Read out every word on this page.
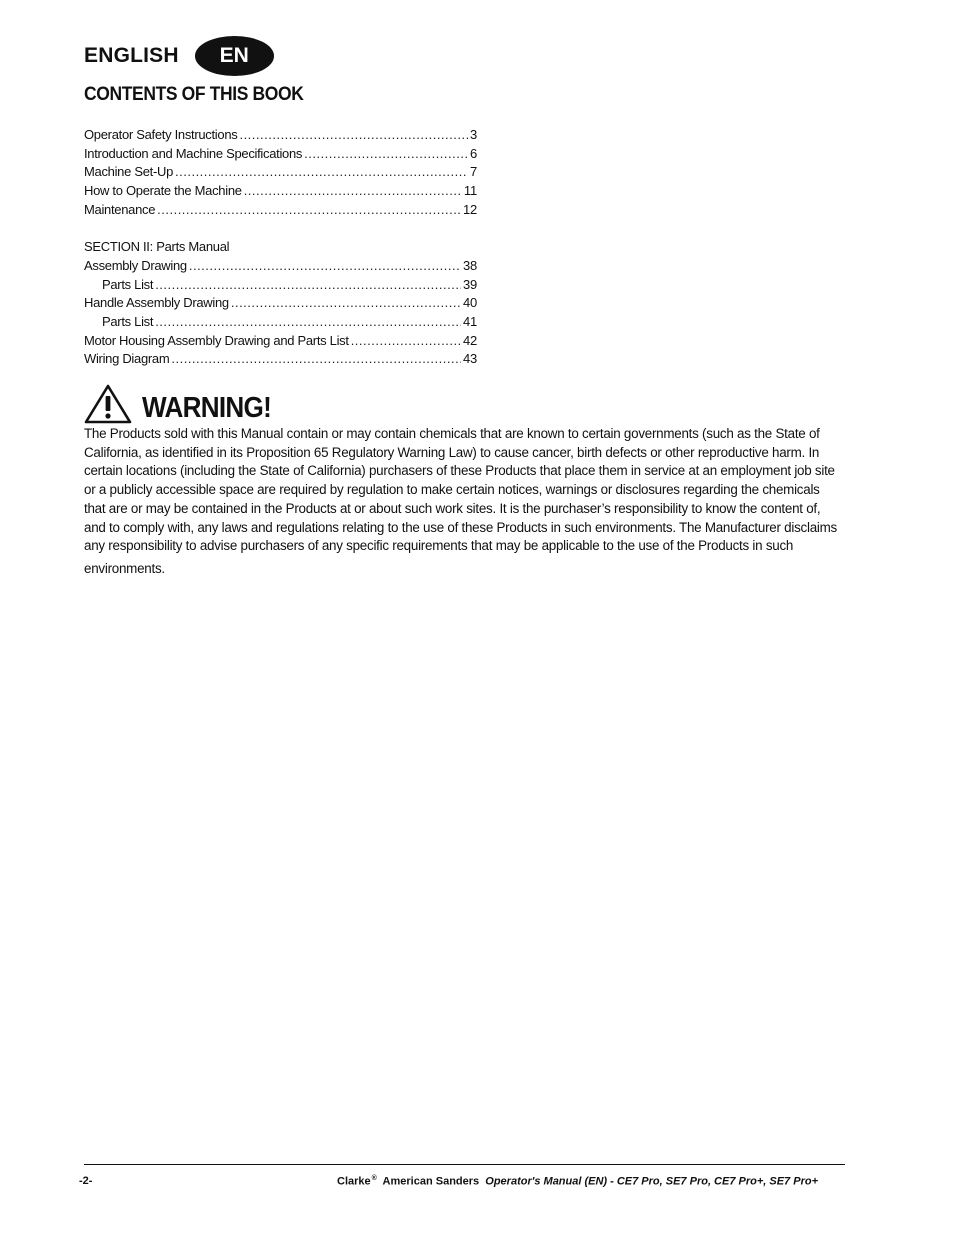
ENGLISH	EN
CONTENTS OF THIS BOOK
Operator Safety Instructions .....	3
Introduction and Machine Specifications .....	6
Machine Set-Up .....	7
How to Operate the Machine .....	11
Maintenance .....	12
SECTION II: Parts Manual
Assembly Drawing .....	38
Parts List .....	39
Handle Assembly Drawing .....	40
Parts List .....	41
Motor Housing Assembly Drawing and Parts List .....	42
Wiring Diagram .....	43
WARNING!
The Products sold with this Manual contain or may contain chemicals that are known to certain governments (such as the State of
California, as identified in its Proposition 65 Regulatory Warning Law) to cause cancer, birth defects or other reproductive harm. In
certain locations (including the State of California) purchasers of these Products that place them in service at an employment job site
or a publicly accessible space are required by regulation to make certain notices, warnings or disclosures regarding the chemicals
that are or may be contained in the Products at or about such work sites. It is the purchaser’s responsibility to know the content of,
and to comply with, any laws and regulations relating to the use of these Products in such environments. The Manufacturer disclaims
any responsibility to advise purchasers of any specific requirements that may be applicable to the use of the Products in such
environments.
-2-	Clarke® American Sanders Operator's Manual (EN) - CE7 Pro, SE7 Pro, CE7 Pro+, SE7 Pro+
